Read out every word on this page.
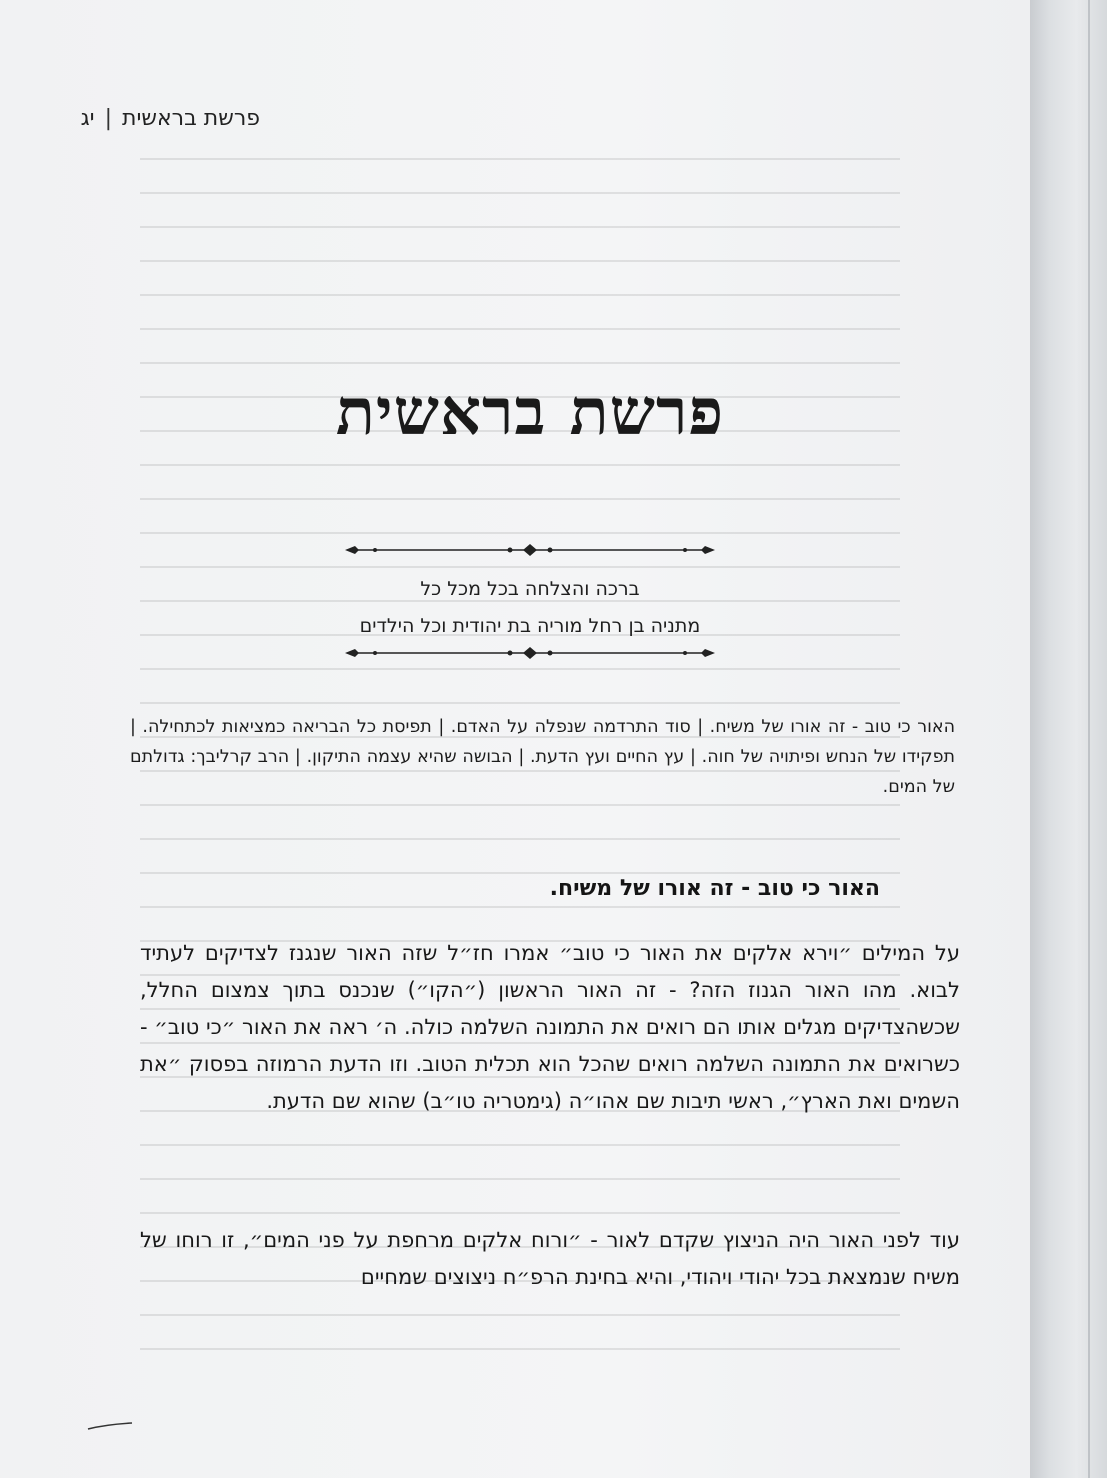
פרשת בראשית|יג
פרשת בראשית
ברכה והצלחה בכל מכל כל
מתניה בן רחל מוריה בת יהודית וכל הילדים
האור כי טוב - זה אורו של משיח. | סוד התרדמה שנפלה על האדם. | תפיסת כל הבריאה כמציאות לכתחילה. | תפקידו של הנחש ופיתויה של חוה. | עץ החיים ועץ הדעת. | הבושה שהיא עצמה התיקון. | הרב קרליבך: גדולתם של המים.
האור כי טוב - זה אורו של משיח.
על המילים ״וירא אלקים את האור כי טוב״ אמרו חז״ל שזה האור שנגנז לצדיקים לעתיד לבוא. מהו האור הגנוז הזה? - זה האור הראשון (״הקו״) שנכנס בתוך צמצום החלל, שכשהצדיקים מגלים אותו הם רואים את התמונה השלמה כולה. ה׳ ראה את האור ״כי טוב״ - כשרואים את התמונה השלמה רואים שהכל הוא תכלית הטוב. וזו הדעת הרמוזה בפסוק ״את השמים ואת הארץ״, ראשי תיבות שם אהו״ה (גימטריה טו״ב) שהוא שם הדעת.
עוד לפני האור היה הניצוץ שקדם לאור - ״ורוח אלקים מרחפת על פני המים״, זו רוחו של משיח שנמצאת בכל יהודי ויהודי, והיא בחינת הרפ״ח ניצוצים שמחיים
